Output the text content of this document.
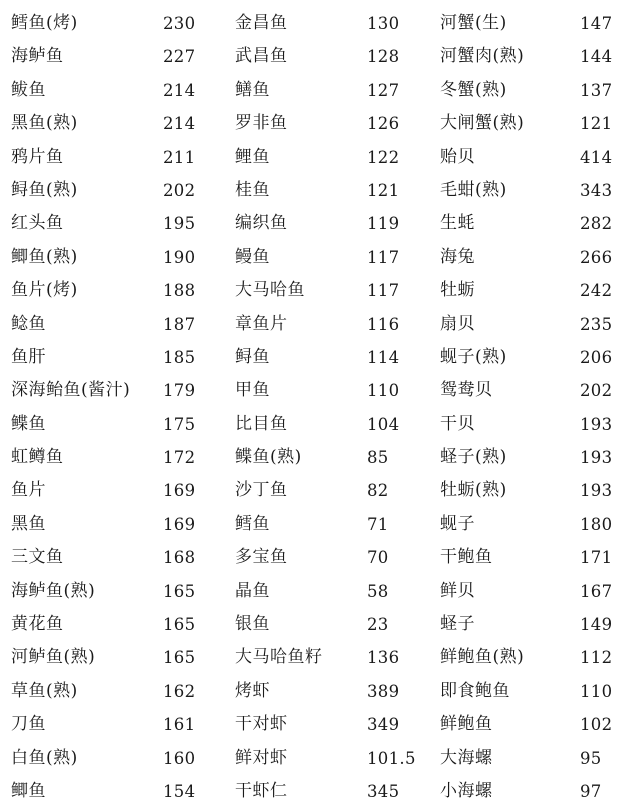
鳕鱼(烤)	230 金昌鱼	130 河蟹(生)	147
海鲈鱼	227 武昌鱼	128 河蟹肉(熟)	144
鲅鱼	214 鳝鱼	127 冬蟹(熟)	137
黑鱼(熟)	214 罗非鱼	126 大闸蟹(熟)	121
鸦片鱼	211 鲤鱼	122 贻贝	414
鲟鱼(熟)	202 桂鱼	121 毛蚶(熟)	343
红头鱼	195 编织鱼	119 生蚝	282
鲫鱼(熟)	190 鳗鱼	117 海兔	266
鱼片(烤)	188 大马哈鱼	117 牡蛎	242
鲶鱼	187 章鱼片	116 扇贝	235
鱼肝	185 鲟鱼	114 蚬子(熟)	206
深海鲐鱼(酱汁) 179 甲鱼	110 鸳鸯贝	202
鲽鱼	175 比目鱼	104 干贝	193
虹鳟鱼	172 鲽鱼(熟)	85	蛏子(熟)	193
鱼片	169 沙丁鱼	82	牡蛎(熟)	193
黑鱼	169 鳕鱼	71	蚬子	180
三文鱼	168 多宝鱼	70	干鲍鱼	171
海鲈鱼(熟)	165 晶鱼	58	鲜贝	167
黄花鱼	165 银鱼	23	蛏子	149
河鲈鱼(熟)	165 大马哈鱼籽	136 鲜鲍鱼(熟)	112
草鱼(熟)	162 烤虾	389 即食鲍鱼	110
刀鱼	161 干对虾	349 鲜鲍鱼	102
白鱼(熟)	160 鲜对虾	101.5 大海螺	95
鲫鱼	154 干虾仁	345 小海螺	97
